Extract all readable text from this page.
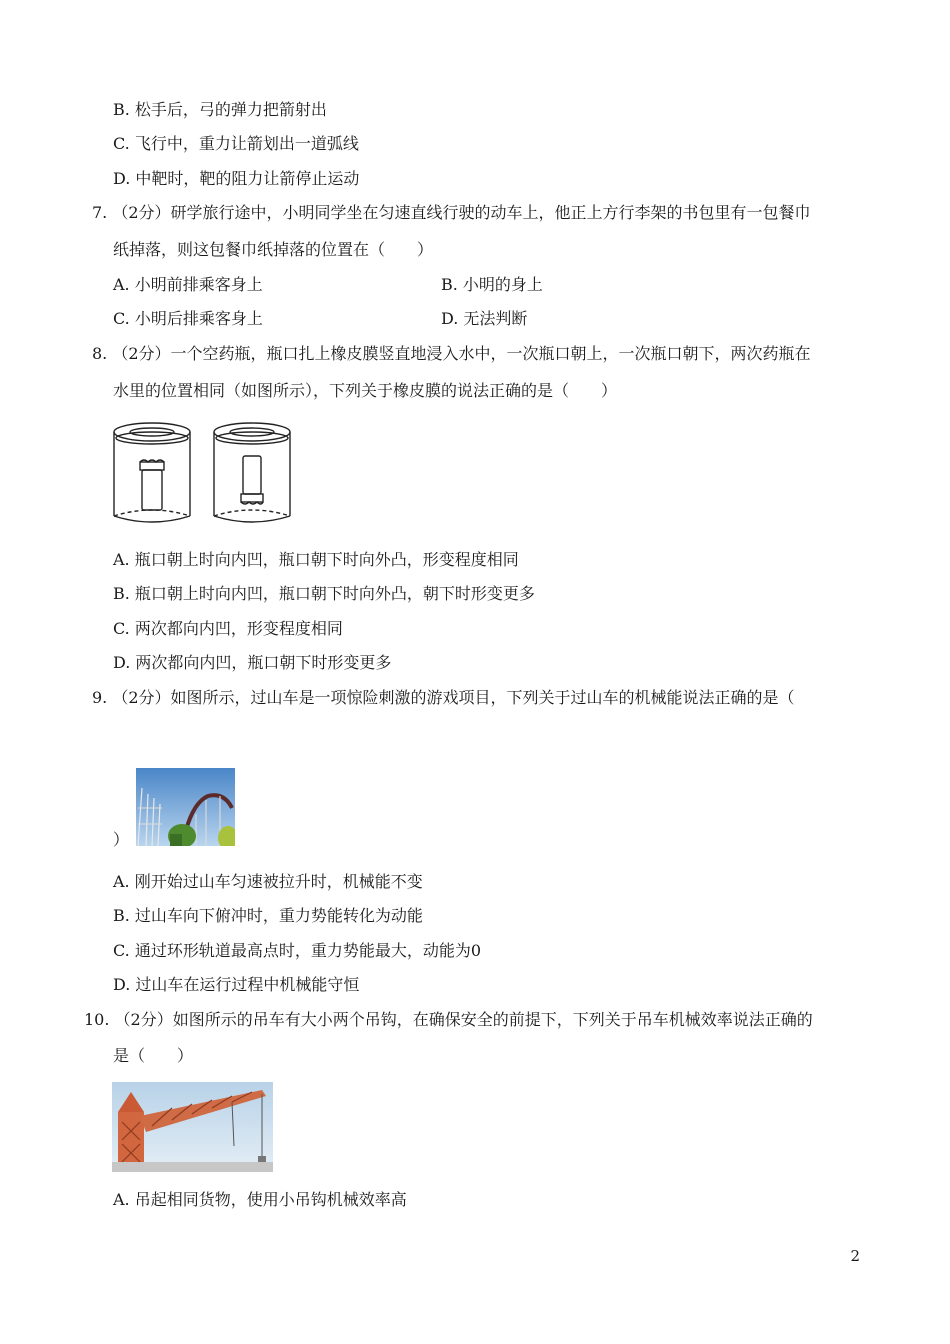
B. 松手后，弓的弹力把箭射出
C. 飞行中，重力让箭划出一道弧线
D. 中靶时，靶的阻力让箭停止运动
7. （2分）研学旅行途中，小明同学坐在匀速直线行驶的动车上，他正上方行李架的书包里有一包餐巾
纸掉落，则这包餐巾纸掉落的位置在（　　）
A. 小明前排乘客身上	B. 小明的身上
C. 小明后排乘客身上	D. 无法判断
8. （2分）一个空药瓶，瓶口扎上橡皮膜竖直地浸入水中，一次瓶口朝上，一次瓶口朝下，两次药瓶在
水里的位置相同（如图所示），下列关于橡皮膜的说法正确的是（　　）
A. 瓶口朝上时向内凹，瓶口朝下时向外凸，形变程度相同
B. 瓶口朝上时向内凹，瓶口朝下时向外凸，朝下时形变更多
C. 两次都向内凹，形变程度相同
D. 两次都向内凹，瓶口朝下时形变更多
9. （2分）如图所示，过山车是一项惊险刺激的游戏项目，下列关于过山车的机械能说法正确的是（
）
A. 刚开始过山车匀速被拉升时，机械能不变
B. 过山车向下俯冲时，重力势能转化为动能
C. 通过环形轨道最高点时，重力势能最大，动能为0
D. 过山车在运行过程中机械能守恒
10. （2分）如图所示的吊车有大小两个吊钩，在确保安全的前提下，下列关于吊车机械效率说法正确的
是（　　）
A. 吊起相同货物，使用小吊钩机械效率高
2
